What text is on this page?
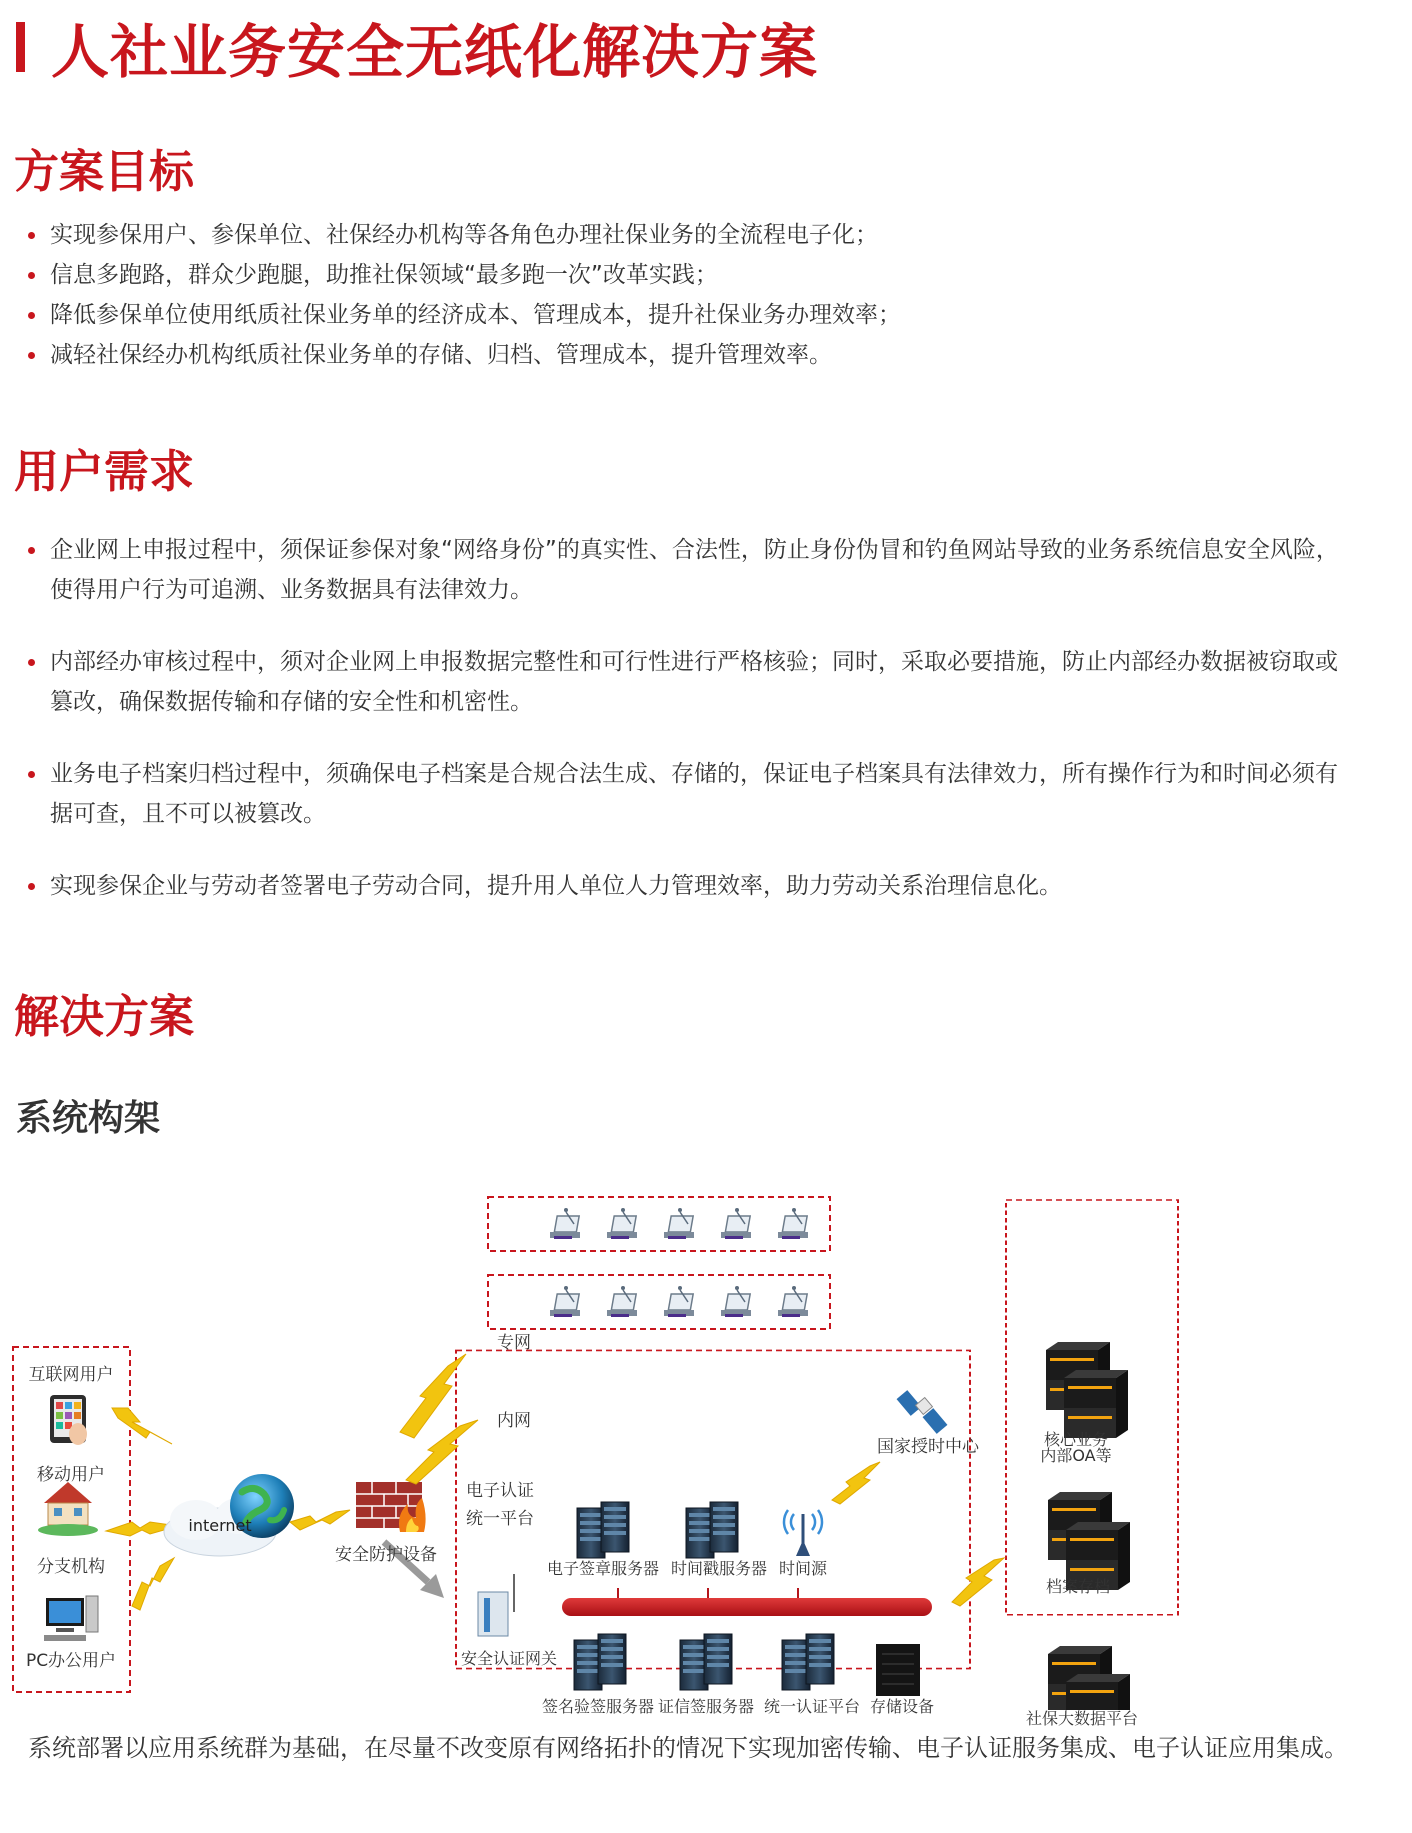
人社业务安全无纸化解决方案
方案目标
实现参保用户、参保单位、社保经办机构等各角色办理社保业务的全流程电子化；
信息多跑路，群众少跑腿，助推社保领域“最多跑一次”改革实践；
降低参保单位使用纸质社保业务单的经济成本、管理成本，提升社保业务办理效率；
减轻社保经办机构纸质社保业务单的存储、归档、管理成本，提升管理效率。
用户需求
企业网上申报过程中，须保证参保对象“网络身份”的真实性、合法性，防止身份伪冒和钓鱼网站导致的业务系统信息安全风险，使得用户行为可追溯、业务数据具有法律效力。
内部经办审核过程中，须对企业网上申报数据完整性和可行性进行严格核验；同时，采取必要措施，防止内部经办数据被窃取或篡改，确保数据传输和存储的安全性和机密性。
业务电子档案归档过程中，须确保电子档案是合规合法生成、存储的，保证电子档案具有法律效力，所有操作行为和时间必须有据可查，且不可以被篡改。
实现参保企业与劳动者签署电子劳动合同，提升用人单位人力管理效率，助力劳动关系治理信息化。
解决方案
系统构架
互联网用户
移动用户
分支机构
PC办公用户
internet
安全防护设备
专网
内网
国家授时中心
电子认证
统一平台
电子签章服务器 时间戳服务器 时间源
安全认证网关
签名验签服务器 证信签服务器 统一认证平台 存储设备
核心业务
内部OA等
档案存档
社保大数据平台
系统部署以应用系统群为基础，在尽量不改变原有网络拓扑的情况下实现加密传输、电子认证服务集成、电子认证应用集成。
